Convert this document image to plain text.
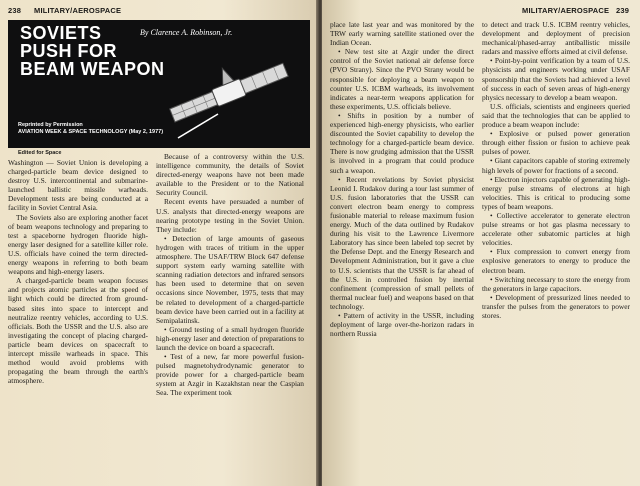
238 MILITARY/AEROSPACE
SOVIETS
PUSH FOR
BEAM WEAPON
By Clarence A. Robinson, Jr.
Reprinted by Permission
AVIATION WEEK & SPACE TECHNOLOGY (May 2, 1977)
Edited for Space

Washington — Soviet Union is developing a charged-particle beam device designed to destroy U.S. intercontinental and submarine-launched ballistic missile warheads. Development tests are being conducted at a facility in Soviet Central Asia.

The Soviets also are exploring another facet of beam weapons technology and preparing to test a spaceborne hydrogen fluoride high-energy laser designed for a satellite killer role. U.S. officials have coined the term directed-energy weapons in referring to both beam weapons and high-energy lasers.

A charged-particle beam weapon focuses and projects atomic particles at the speed of light which could be directed from ground-based sites into space to intercept and neutralize reentry vehicles, according to U.S. officials. Both the USSR and the U.S. also are investigating the concept of placing charged-particle beam devices on spacecraft to intercept missile warheads in space. This method would avoid problems with propagating the beam through the earth's atmosphere.

Because of a controversy within the U.S. intelligence community, the details of Soviet directed-energy weapons have not been made available to the President or to the National Security Council.

Recent events have persuaded a number of U.S. analysts that directed-energy weapons are nearing prototype testing in the Soviet Union. They include:

• Detection of large amounts of gaseous hydrogen with traces of tritium in the upper atmosphere. The USAF/TRW Block 647 defense support system early warning satellite with scanning radiation detectors and infrared sensors has been used to determine that on seven occasions since November, 1975, tests that may be related to development of a charged-particle beam device have been carried out in a facility at Semipalatinsk.

• Ground testing of a small hydrogen fluoride high-energy laser and detection of preparations to launch the device on board a spacecraft.

• Test of a new, far more powerful fusion-pulsed magnetohydrodynamic generator to provide power for a charged-particle beam system at Azgir in Kazakhstan near the Caspian Sea. The experiment took

MILITARY/AEROSPACE 239

place late last year and was monitored by the TRW early warning satellite stationed over the Indian Ocean.

• New test site at Azgir under the direct control of the Soviet national air defense force (PVO Strany). Since the PVO Strany would be responsible for deploying a beam weapon to counter U.S. ICBM warheads, its involvement indicates a near-term weapons application for these experiments, U.S. officials believe.

• Shifts in position by a number of experienced high-energy physicists, who earlier discounted the Soviet capability to develop the technology for a charged-particle beam device. There is now grudging admission that the USSR is involved in a program that could produce such a weapon.

• Recent revelations by Soviet physicist Leonid I. Rudakov during a tour last summer of U.S. fusion laboratories that the USSR can convert electron beam energy to compress fusionable material to release maximum fusion energy. Much of the data outlined by Rudakov during his visit to the Lawrence Livermore Laboratory has since been labeled top secret by the Defense Dept. and the Energy Research and Development Administration, but it gave a clue to U.S. scientists that the USSR is far ahead of the U.S. in controlled fusion by inertial confinement (compression of small pellets of thermal nuclear fuel) and weapons based on that technology.

• Pattern of activity in the USSR, including deployment of large over-the-horizon radars in northern Russia

to detect and track U.S. ICBM reentry vehicles, development and deployment of precision mechanical/phased-array antiballistic missile radars and massive efforts aimed at civil defense.

• Point-by-point verification by a team of U.S. physicists and engineers working under USAF sponsorship that the Soviets had achieved a level of success in each of seven areas of high-energy physics necessary to develop a beam weapon.

U.S. officials, scientists and engineers queried said that the technologies that can be applied to produce a beam weapon include:

• Explosive or pulsed power generation through either fission or fusion to achieve peak pulses of power.

• Giant capacitors capable of storing extremely high levels of power for fractions of a second.

• Electron injectors capable of generating high-energy pulse streams of electrons at high velocities. This is critical to producing some types of beam weapons.

• Collective accelerator to generate electron pulse streams or hot gas plasma necessary to accelerate other subatomic particles at high velocities.

• Flux compression to convert energy from explosive generators to energy to produce the electron beam.

• Switching necessary to store the energy from the generators in large capacitors.

• Development of pressurized lines needed to transfer the pulses from the generators to power stores.
